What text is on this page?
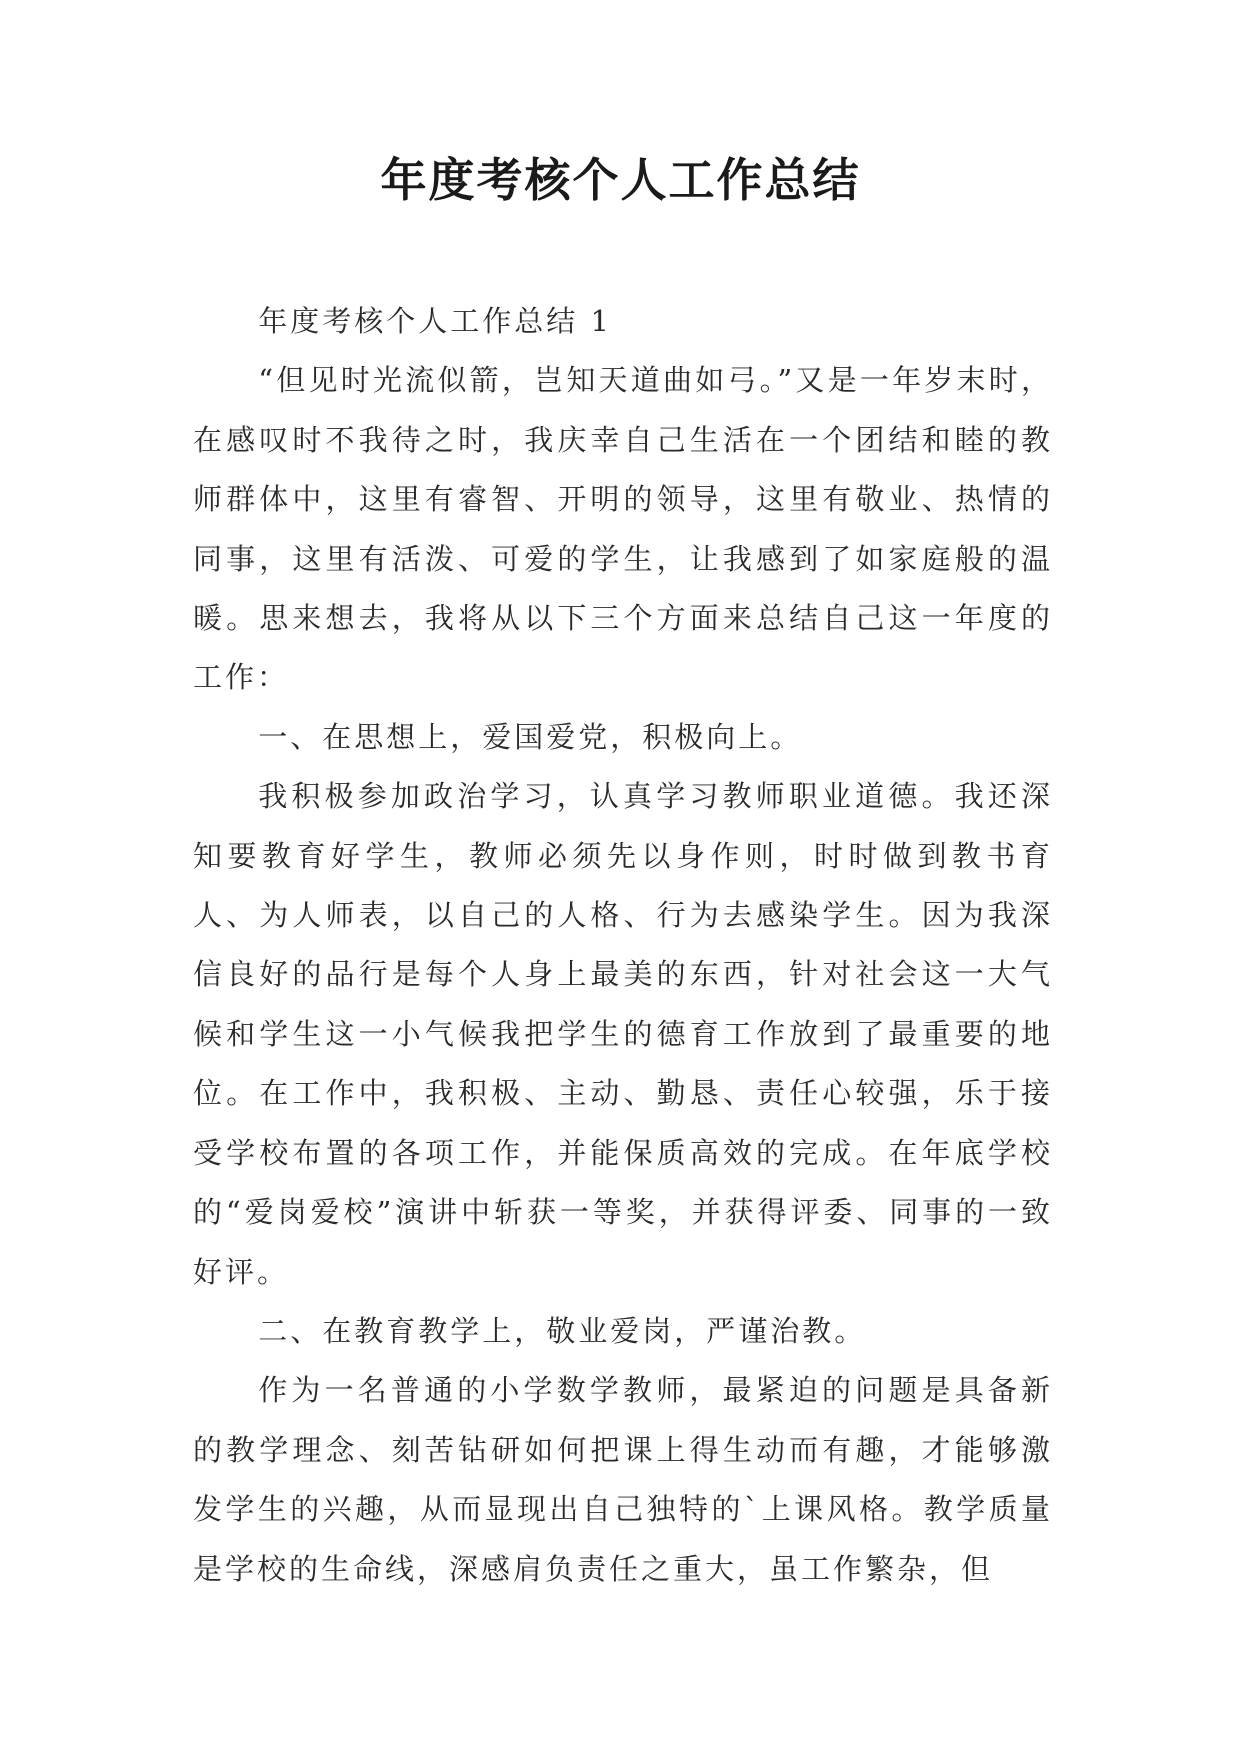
年度考核个人工作总结

年度考核个人工作总结 1

“但见时光流似箭，岂知天道曲如弓。”又是一年岁末时，在感叹时不我待之时，我庆幸自己生活在一个团结和睦的教师群体中，这里有睿智、开明的领导，这里有敬业、热情的同事，这里有活泼、可爱的学生，让我感到了如家庭般的温暖。思来想去，我将从以下三个方面来总结自己这一年度的工作：

一、在思想上，爱国爱党，积极向上。

我积极参加政治学习，认真学习教师职业道德。我还深知要教育好学生，教师必须先以身作则，时时做到教书育人、为人师表，以自己的人格、行为去感染学生。因为我深信良好的品行是每个人身上最美的东西，针对社会这一大气候和学生这一小气候我把学生的德育工作放到了最重要的地位。在工作中，我积极、主动、勤恳、责任心较强，乐于接受学校布置的各项工作，并能保质高效的完成。在年底学校的“爱岗爱校”演讲中斩获一等奖，并获得评委、同事的一致好评。

二、在教育教学上，敬业爱岗，严谨治教。

作为一名普通的小学数学教师，最紧迫的问题是具备新的教学理念、刻苦钻研如何把课上得生动而有趣，才能够激发学生的兴趣，从而显现出自己独特的`上课风格。教学质量是学校的生命线，深感肩负责任之重大，虽工作繁杂，但
